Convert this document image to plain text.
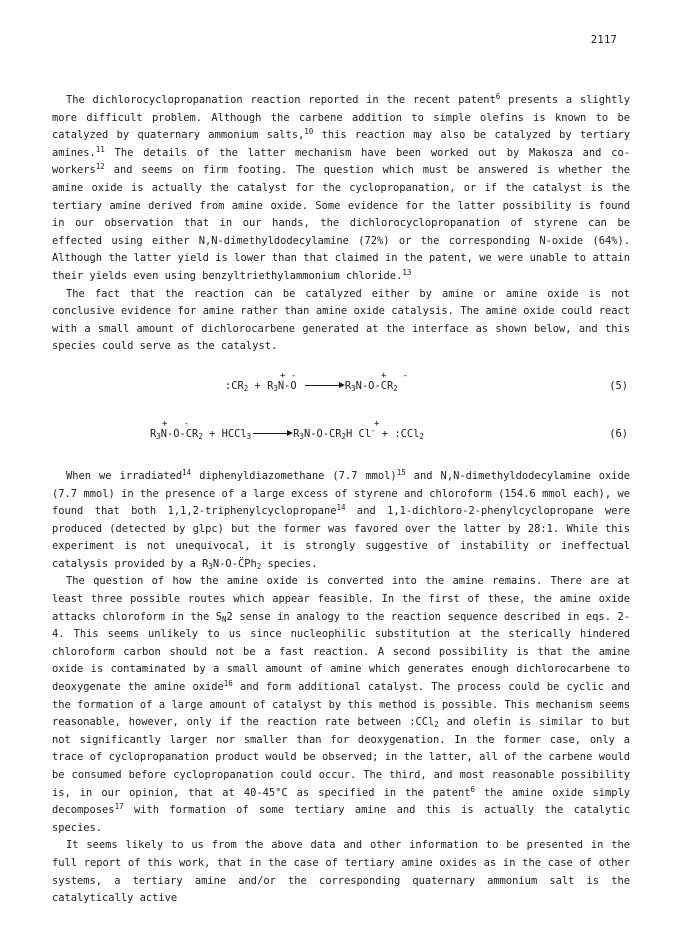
2117

The dichlorocyclopropanation reaction reported in the recent patent$^6$ presents a slightly more difficult problem. Although the carbene addition to simple olefins is known to be catalyzed by quaternary ammonium salts,$^{10}$ this reaction may also be catalyzed by tertiary amines.$^{11}$ The details of the latter mechanism have been worked out by Makosza and co-workers$^{12}$ and seems on firm footing. The question which must be answered is whether the amine oxide is actually the catalyst for the cyclopropanation, or if the catalyst is the tertiary amine derived from amine oxide. Some evidence for the latter possibility is found in our observation that in our hands, the dichlorocyclopropanation of styrene can be effected using either N,N-dimethyldodecylamine (72%) or the corresponding N-oxide (64%). Although the latter yield is lower than that claimed in the patent, we were unable to attain their yields even using benzyltriethylammonium chloride.$^{13}$

The fact that the reaction can be catalyzed either by amine or amine oxide is not conclusive evidence for amine rather than amine oxide catalysis. The amine oxide could react with a small amount of dichlorocarbene generated at the interface as shown below, and this species could serve as the catalyst.

+ -	+   -
$:CR_2 + R_3N-O \to R_3N-O-CR_2$	(5)
+   -	+
$R_3N-O-CR_2$ + HCCl$_3$ → $R_3N-O-CR_2H$ Cl- + :CCl$_2$	(6)

When we irradiated$^{14}$ diphenyldiazomethane (7.7 mmol)$^{15}$ and N,N-dimethyldodecylamine oxide (7.7 mmol) in the presence of a large excess of styrene and chloroform (154.6 mmol each), we found that both 1,1,2-triphenylcyclopropane$^{14}$ and 1,1-dichloro-2-phenylcyclopropane were produced (detected by glpc) but the former was favored over the latter by 28:1. While this experiment is not unequivocal, it is strongly suggestive of instability or ineffectual catalysis provided by a $R_3N-O-C̈Ph_2$ species.

The question of how the amine oxide is converted into the amine remains. There are at least three possible routes which appear feasible. In the first of these, the amine oxide attacks chloroform in the $S_N2$ sense in analogy to the reaction sequence described in eqs. 2-4. This seems unlikely to us since nucleophilic substitution at the sterically hindered chloroform carbon should not be a fast reaction. A second possibility is that the amine oxide is contaminated by a small amount of amine which generates enough dichlorocarbene to deoxygenate the amine oxide$^{16}$ and form additional catalyst. The process could be cyclic and the formation of a large amount of catalyst by this method is possible. This mechanism seems reasonable, however, only if the reaction rate between :CCl$_2$ and olefin is similar to but not significantly larger nor smaller than for deoxygenation. In the former case, only a trace of cyclopropanation product would be observed; in the latter, all of the carbene would be consumed before cyclopropanation could occur. The third, and most reasonable possibility is, in our opinion, that at 40-45°C as specified in the patent$^6$ the amine oxide simply decomposes$^{17}$ with formation of some tertiary amine and this is actually the catalytic species.

It seems likely to us from the above data and other information to be presented in the full report of this work, that in the case of tertiary amine oxides as in the case of other systems, a tertiary amine and/or the corresponding quaternary ammonium salt is the catalytically active
